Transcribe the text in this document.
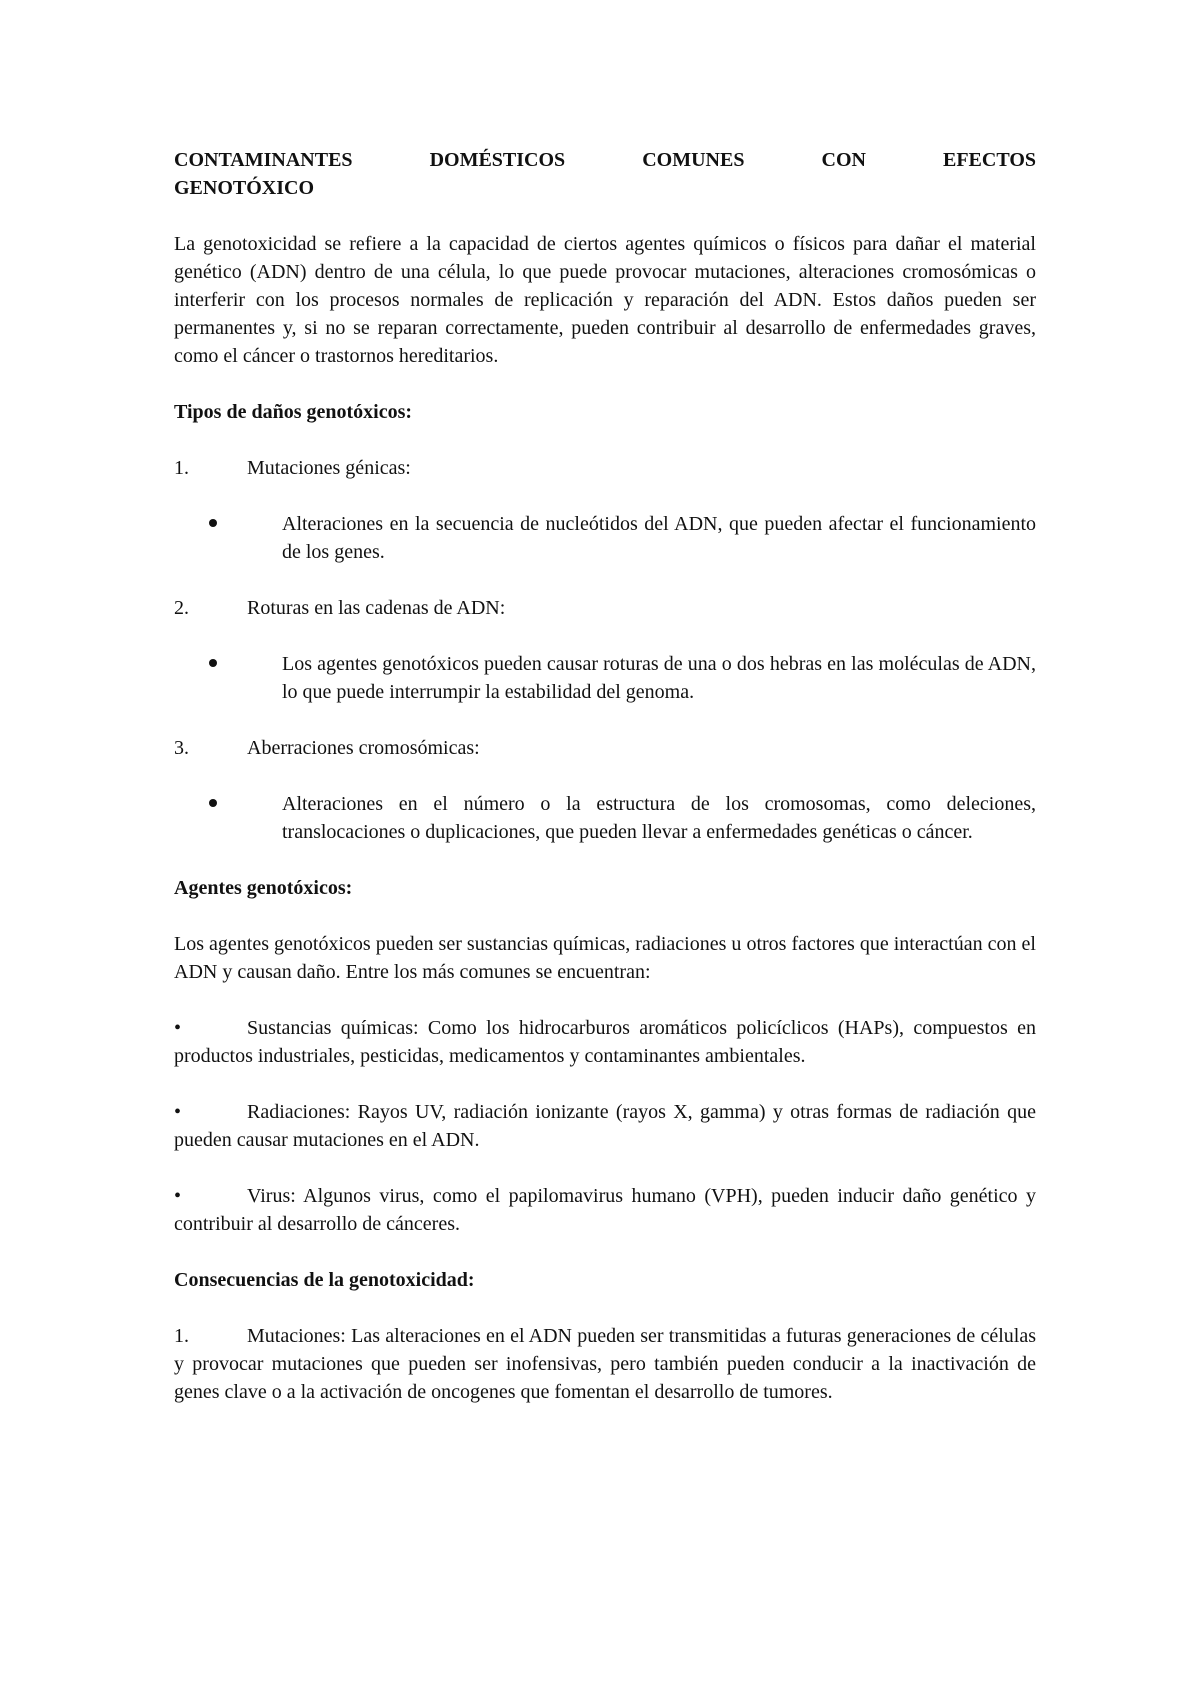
CONTAMINANTES DOMÉSTICOS COMUNES CON EFECTOS

GENOTÓXICO

La genotoxicidad se refiere a la capacidad de ciertos agentes químicos o físicos para dañar el material genético (ADN) dentro de una célula, lo que puede provocar mutaciones, alteraciones cromosómicas o interferir con los procesos normales de replicación y reparación del ADN. Estos daños pueden ser permanentes y, si no se reparan correctamente, pueden contribuir al desarrollo de enfermedades graves, como el cáncer o trastornos hereditarios.

Tipos de daños genotóxicos:

1.	Mutaciones génicas:
Alteraciones en la secuencia de nucleótidos del ADN, que pueden afectar el funcionamiento de los genes.
2.	Roturas en las cadenas de ADN:
Los agentes genotóxicos pueden causar roturas de una o dos hebras en las moléculas de ADN, lo que puede interrumpir la estabilidad del genoma.
3.	Aberraciones cromosómicas:
Alteraciones en el número o la estructura de los cromosomas, como deleciones, translocaciones o duplicaciones, que pueden llevar a enfermedades genéticas o cáncer.

Agentes genotóxicos:

Los agentes genotóxicos pueden ser sustancias químicas, radiaciones u otros factores que interactúan con el ADN y causan daño. Entre los más comunes se encuentran:

•	Sustancias químicas: Como los hidrocarburos aromáticos policíclicos (HAPs), compuestos en productos industriales, pesticidas, medicamentos y contaminantes ambientales.

•	Radiaciones: Rayos UV, radiación ionizante (rayos X, gamma) y otras formas de radiación que pueden causar mutaciones en el ADN.

•	Virus: Algunos virus, como el papilomavirus humano (VPH), pueden inducir daño genético y contribuir al desarrollo de cánceres.

Consecuencias de la genotoxicidad:

1.	Mutaciones: Las alteraciones en el ADN pueden ser transmitidas a futuras generaciones de células y provocar mutaciones que pueden ser inofensivas, pero también pueden conducir a la inactivación de genes clave o a la activación de oncogenes que fomentan el desarrollo de tumores.
